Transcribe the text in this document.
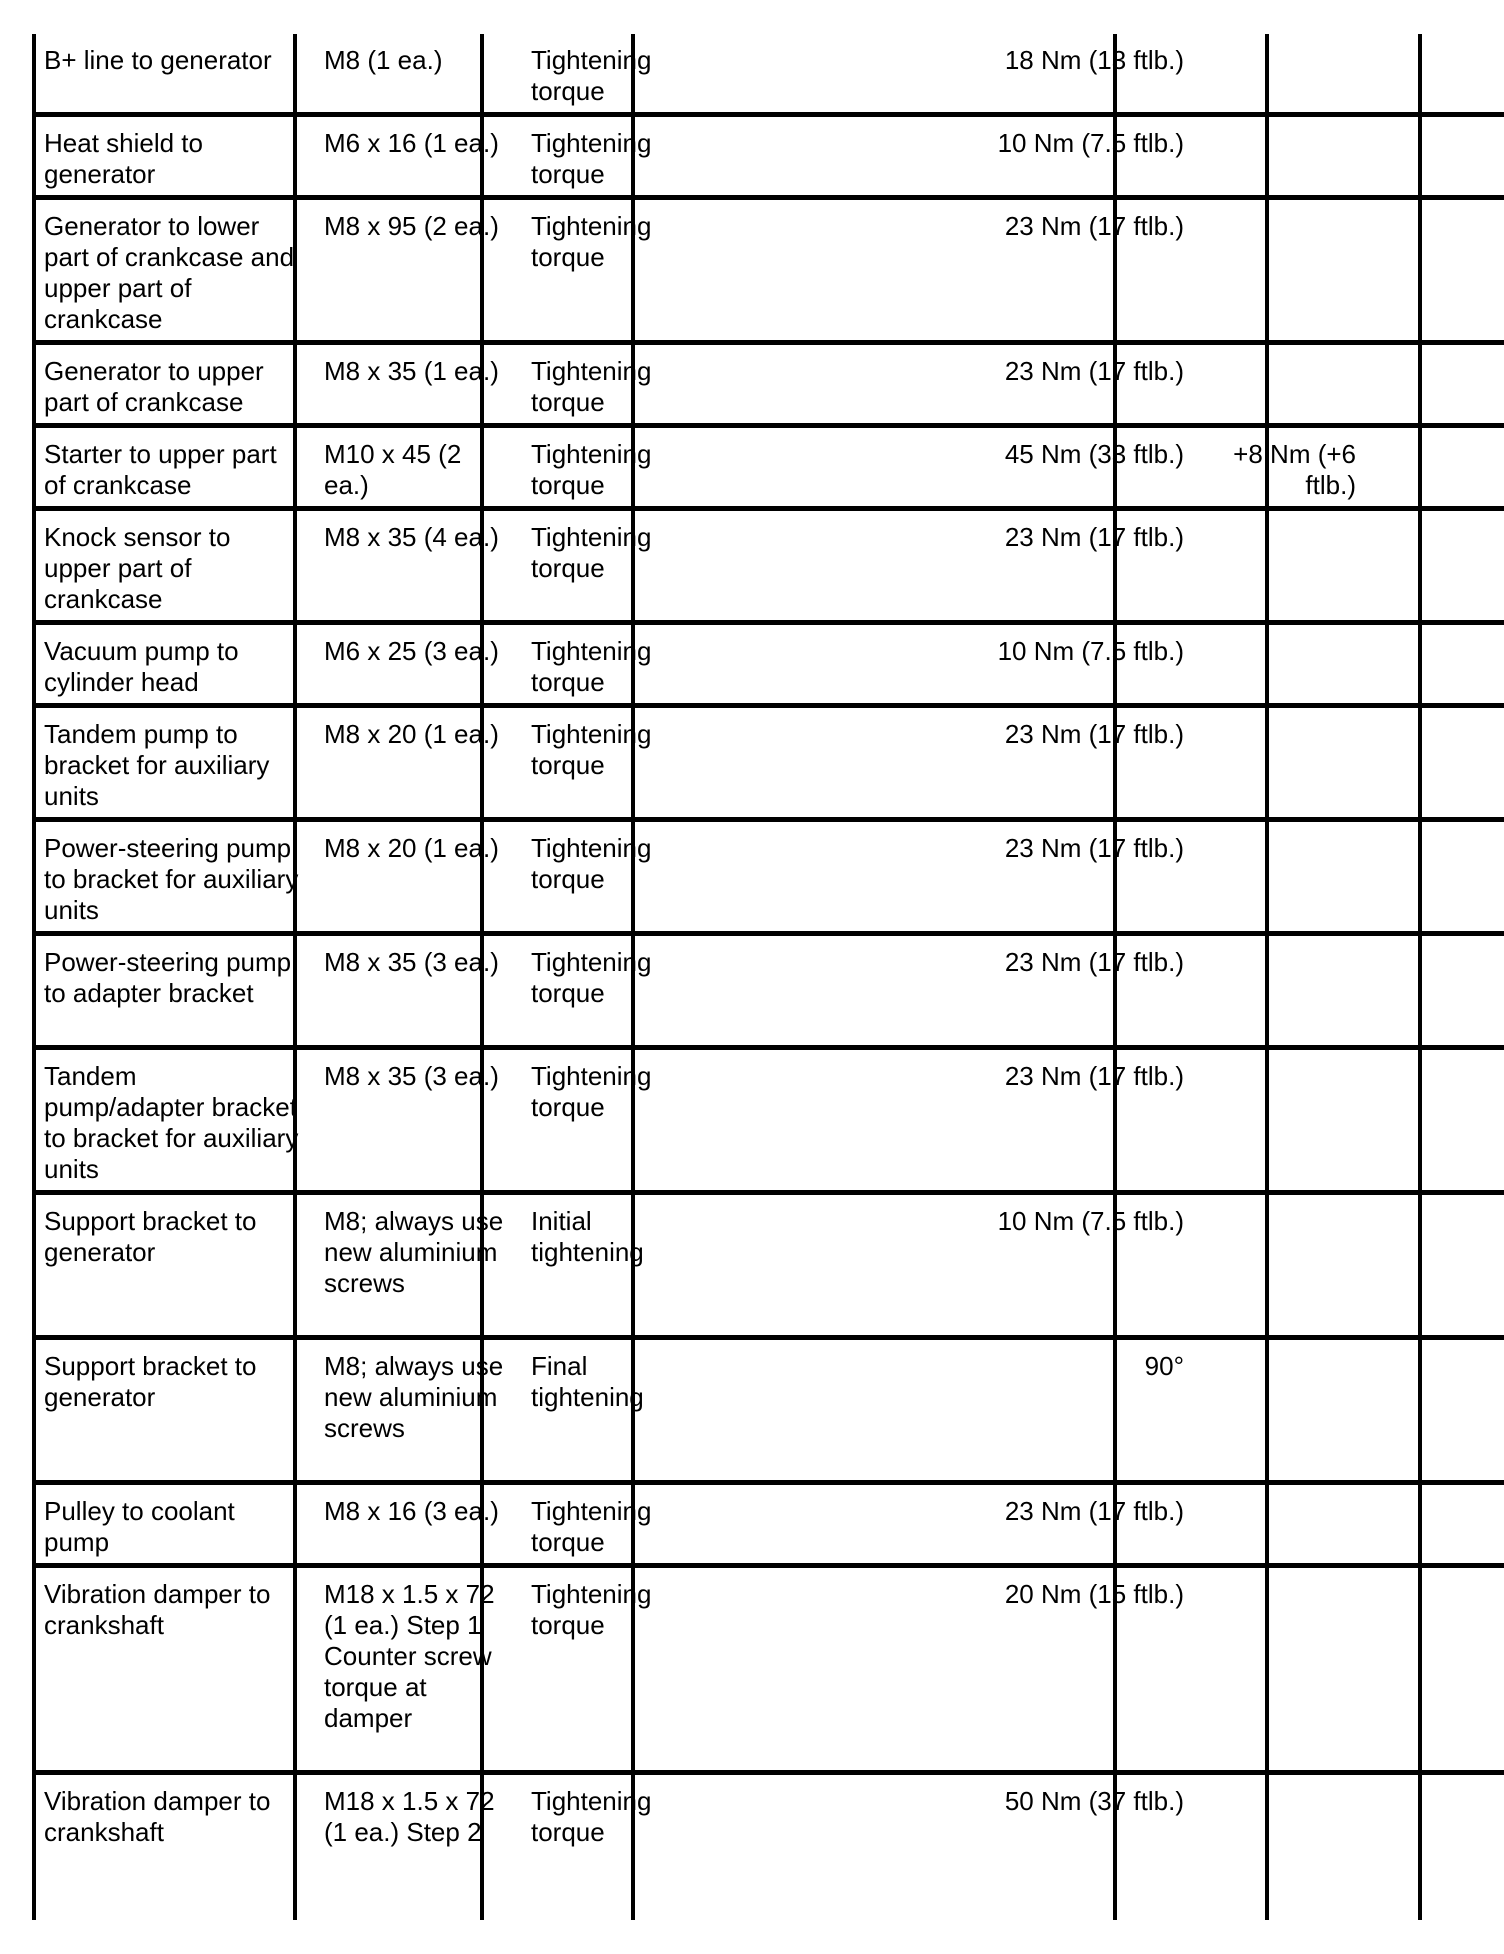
B+ line to generator	M8 (1 ea.)	Tightening torque	18 Nm (13 ftlb.)		
Heat shield to generator	M6 x 16 (1 ea.)	Tightening torque	10 Nm (7.5 ftlb.)		
Generator to lower part of crankcase and upper part of crankcase	M8 x 95 (2 ea.)	Tightening torque	23 Nm (17 ftlb.)		
Generator to upper part of crankcase	M8 x 35 (1 ea.)	Tightening torque	23 Nm (17 ftlb.)		
Starter to upper part of crankcase	M10 x 45 (2 ea.)	Tightening torque	45 Nm (33 ftlb.)	+8 Nm (+6 ftlb.)	
Knock sensor to upper part of crankcase	M8 x 35 (4 ea.)	Tightening torque	23 Nm (17 ftlb.)		
Vacuum pump to cylinder head	M6 x 25 (3 ea.)	Tightening torque	10 Nm (7.5 ftlb.)		
Tandem pump to bracket for auxiliary units	M8 x 20 (1 ea.)	Tightening torque	23 Nm (17 ftlb.)		
Power-steering pump to bracket for auxiliary units	M8 x 20 (1 ea.)	Tightening torque	23 Nm (17 ftlb.)		
Power-steering pump to adapter bracket	M8 x 35 (3 ea.)	Tightening torque	23 Nm (17 ftlb.)		
Tandem pump/adapter bracket to bracket for auxiliary units	M8 x 35 (3 ea.)	Tightening torque	23 Nm (17 ftlb.)		
Support bracket to generator	M8; always use new aluminium screws	Initial tightening	10 Nm (7.5 ftlb.)		
Support bracket to generator	M8; always use new aluminium screws	Final tightening	90°		
Pulley to coolant pump	M8 x 16 (3 ea.)	Tightening torque	23 Nm (17 ftlb.)		
Vibration damper to crankshaft	M18 x 1.5 x 72 (1 ea.) Step 1 Counter screw torque at damper	Tightening torque	20 Nm (15 ftlb.)		
Vibration damper to crankshaft	M18 x 1.5 x 72 (1 ea.) Step 2	Tightening torque	50 Nm (37 ftlb.)		
